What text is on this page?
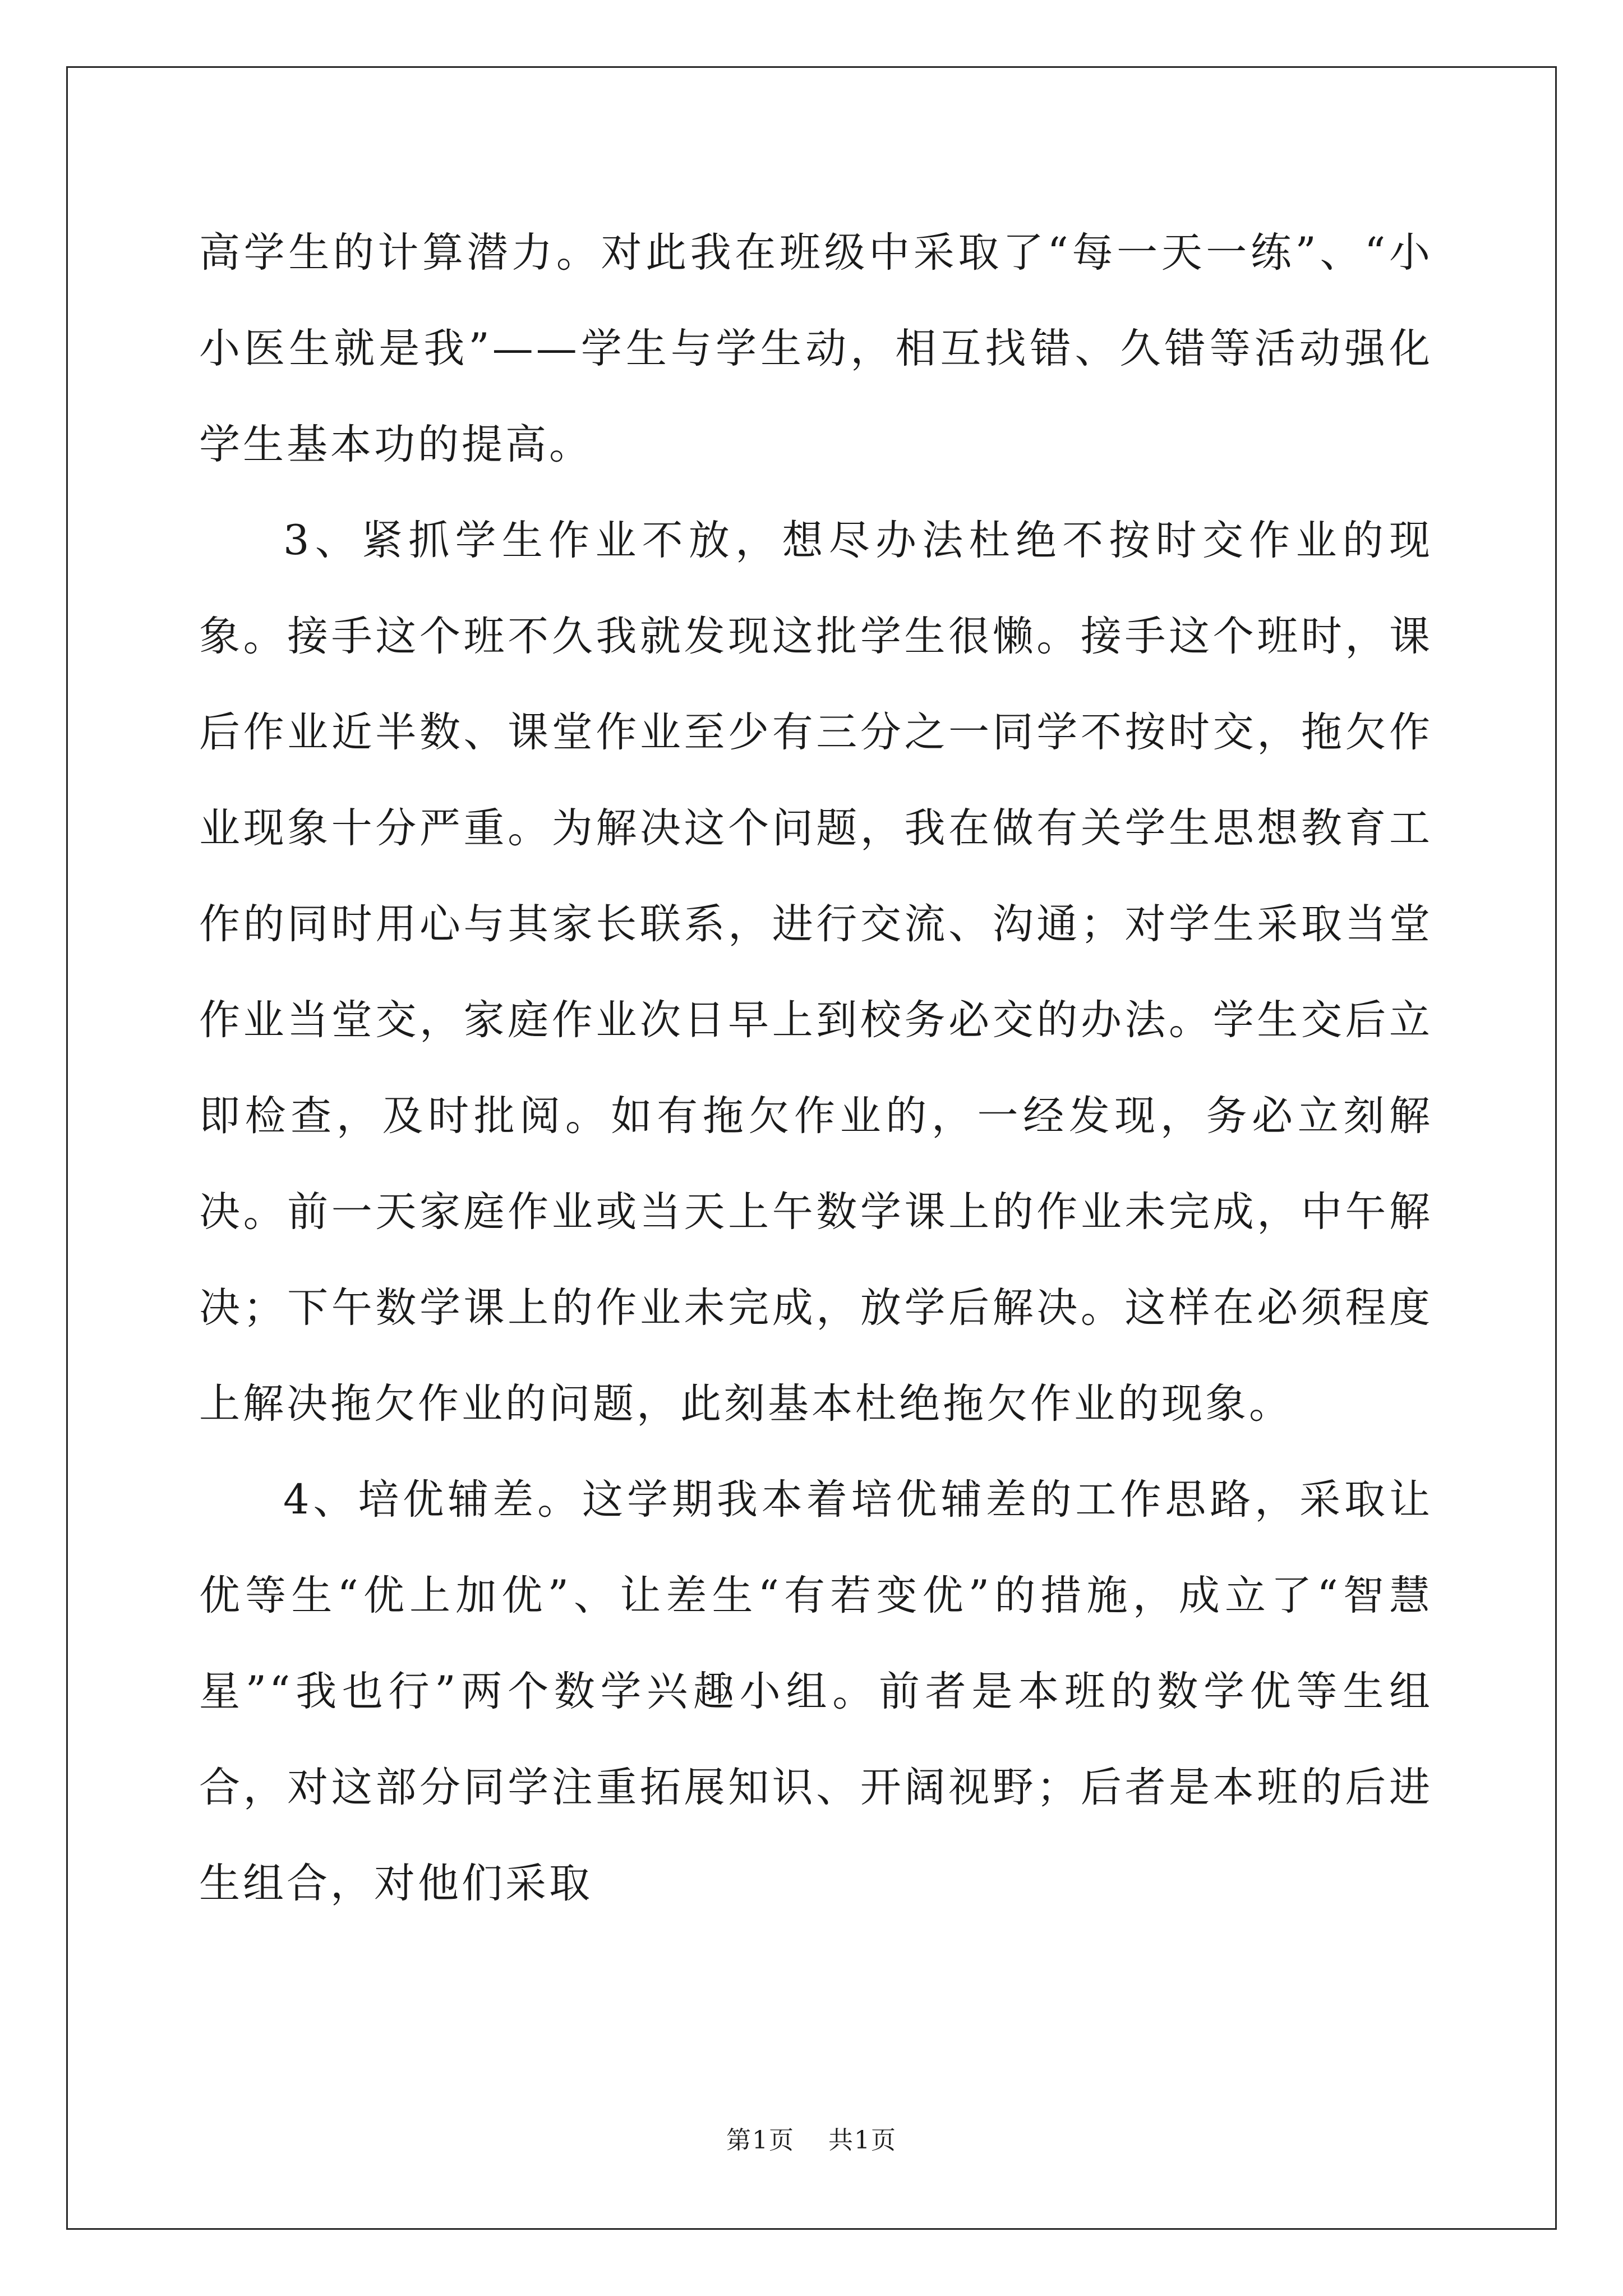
高学生的计算潜力。对此我在班级中采取了“每一天一练”、“小小医生就是我”——学生与学生动，相互找错、久错等活动强化学生基本功的提高。

3、紧抓学生作业不放，想尽办法杜绝不按时交作业的现象。接手这个班不久我就发现这批学生很懒。接手这个班时，课后作业近半数、课堂作业至少有三分之一同学不按时交，拖欠作业现象十分严重。为解决这个问题，我在做有关学生思想教育工作的同时用心与其家长联系，进行交流、沟通；对学生采取当堂作业当堂交，家庭作业次日早上到校务必交的办法。学生交后立即检查，及时批阅。如有拖欠作业的，一经发现，务必立刻解决。前一天家庭作业或当天上午数学课上的作业未完成，中午解决；下午数学课上的作业未完成，放学后解决。这样在必须程度上解决拖欠作业的问题，此刻基本杜绝拖欠作业的现象。

4、培优辅差。这学期我本着培优辅差的工作思路，采取让优等生“优上加优”、让差生“有若变优”的措施，成立了“智慧星”“我也行”两个数学兴趣小组。前者是本班的数学优等生组合，对这部分同学注重拓展知识、开阔视野；后者是本班的后进生组合，对他们采取

第1页 共1页
